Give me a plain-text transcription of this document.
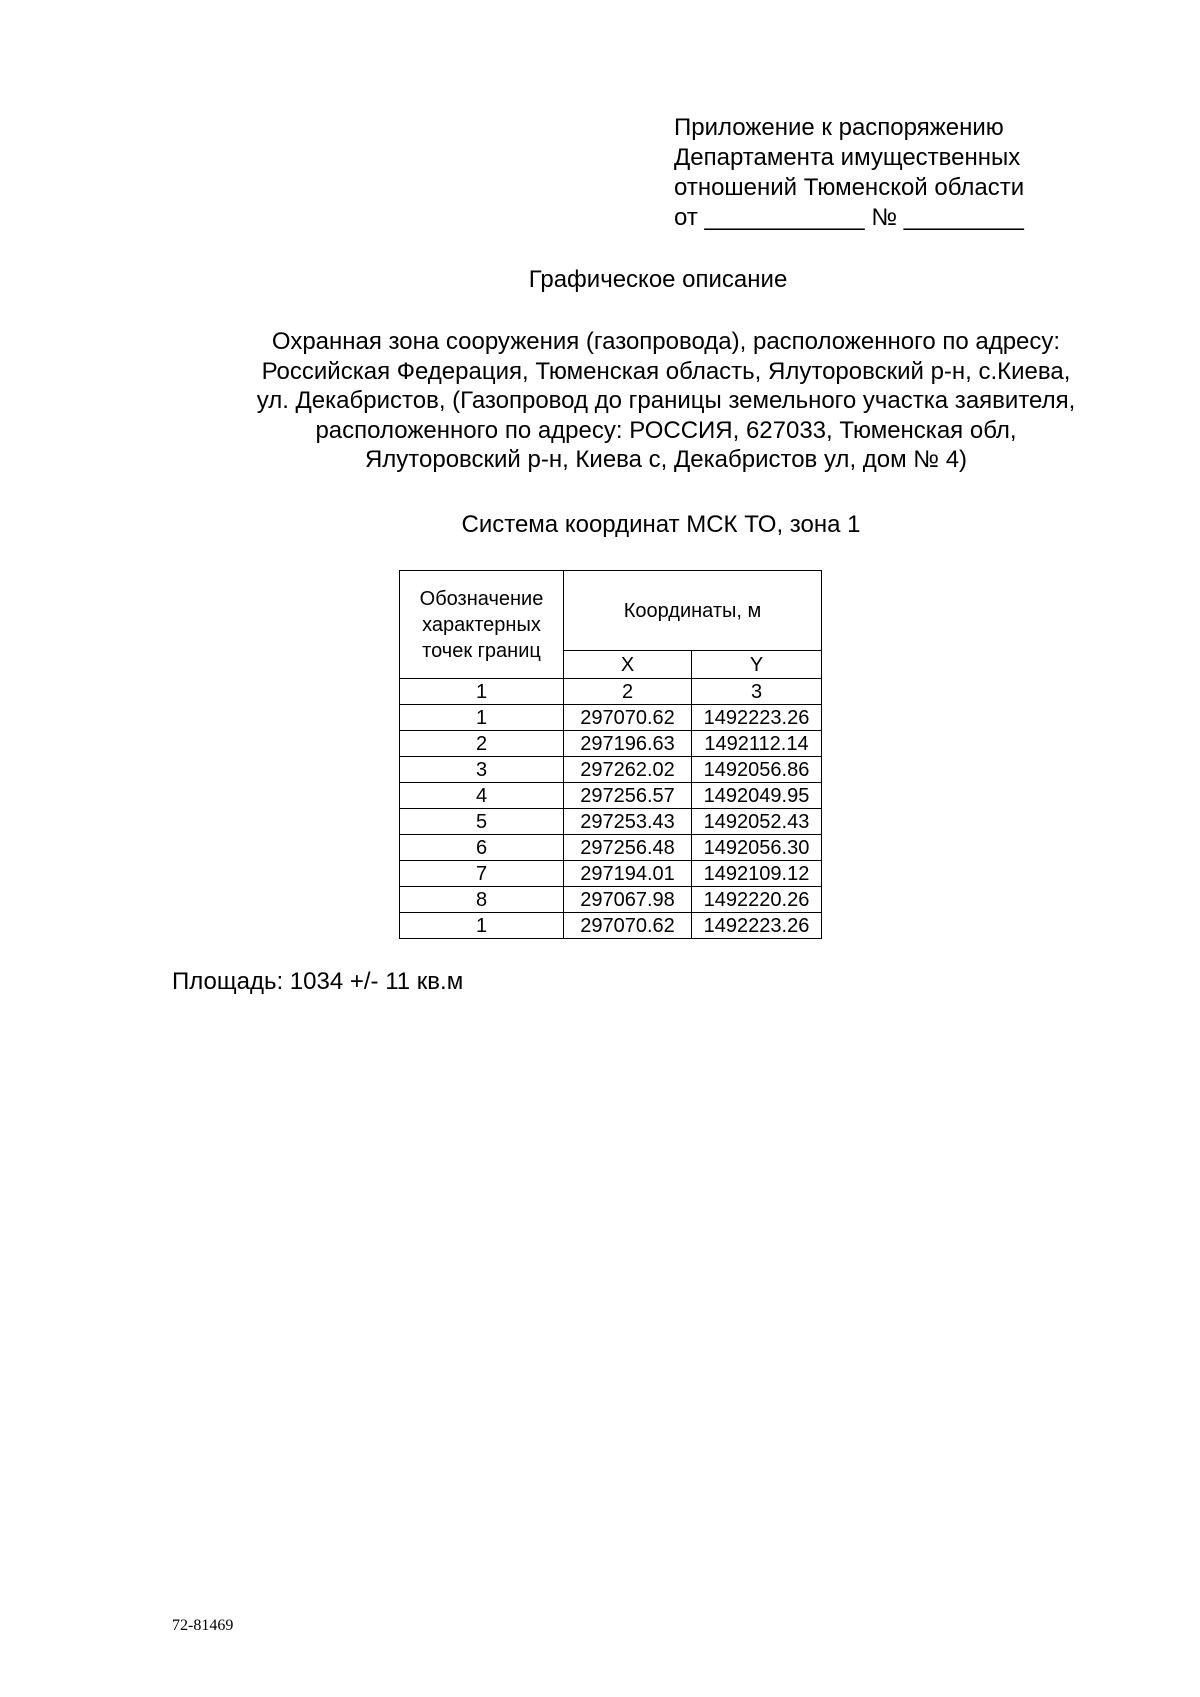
Приложение к распоряжению
Департамента имущественных
отношений Тюменской области
от ____________ № _________
Графическое описание
Охранная зона сооружения (газопровода), расположенного по адресу:
Российская Федерация, Тюменская область, Ялуторовский р-н, с.Киева,
ул. Декабристов, (Газопровод до границы земельного участка заявителя,
расположенного по адресу: РОССИЯ, 627033, Тюменская обл,
Ялуторовский р-н, Киева с, Декабристов ул, дом № 4)
Система координат МСК ТО, зона 1
Обозначение характерных точек границ	Координаты, м	
	X	Y
1	2	3
1	297070.62	1492223.26
2	297196.63	1492112.14
3	297262.02	1492056.86
4	297256.57	1492049.95
5	297253.43	1492052.43
6	297256.48	1492056.30
7	297194.01	1492109.12
8	297067.98	1492220.26
1	297070.62	1492223.26
Площадь: 1034 +/- 11 кв.м
72-81469
